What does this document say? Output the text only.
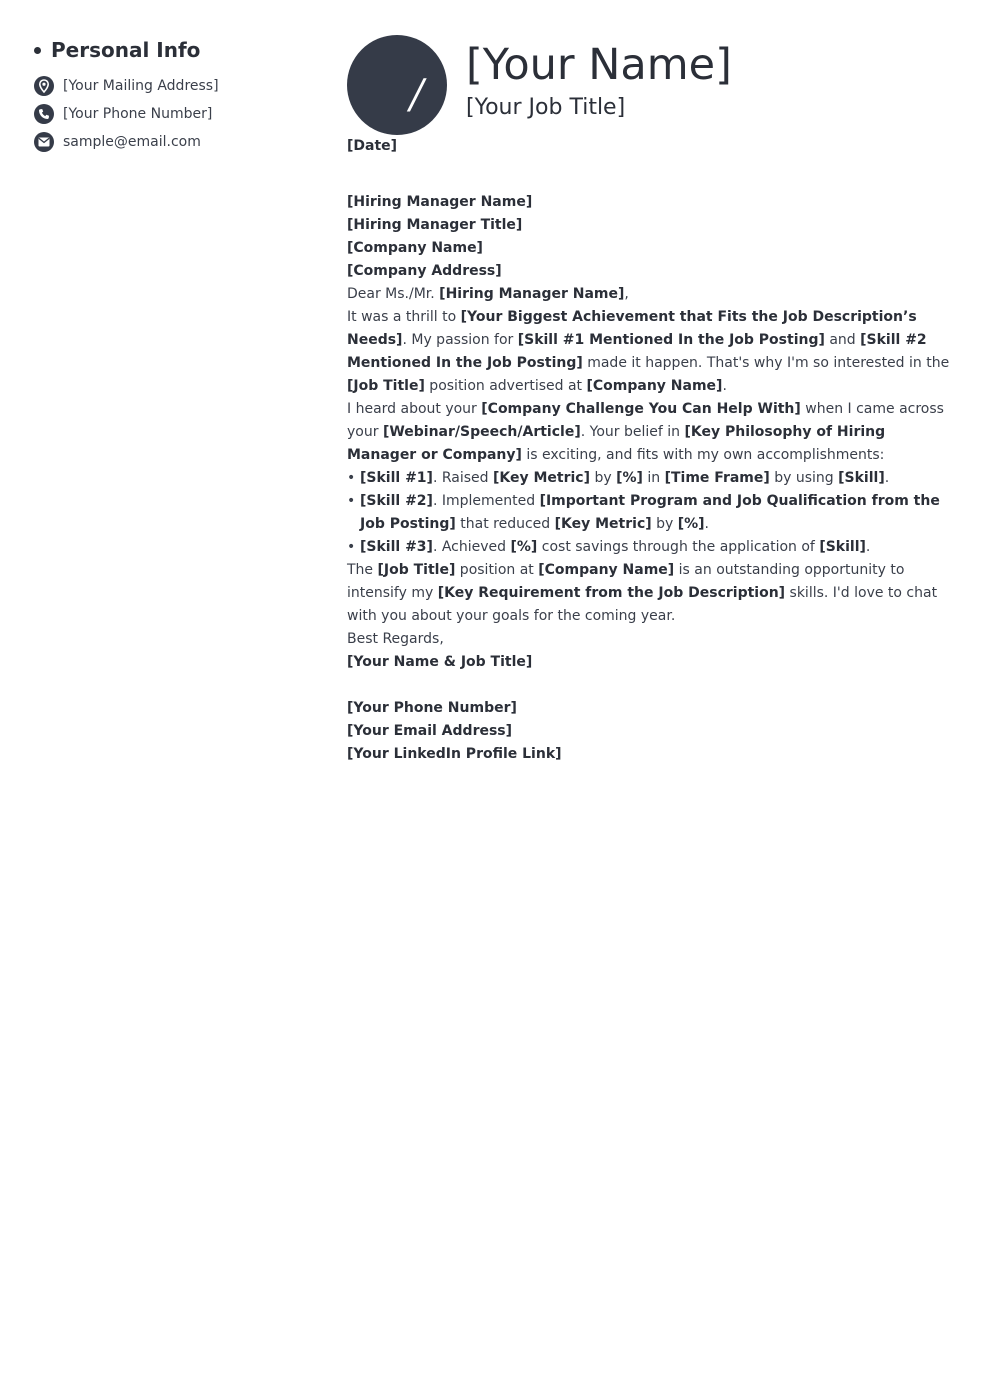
Personal Info
[Your Mailing Address]
[Your Phone Number]
sample@email.com
/
[Your Name]
[Your Job Title]

[Date]

[Hiring Manager Name]
[Hiring Manager Title]
[Company Name]
[Company Address]

Dear Ms./Mr. [Hiring Manager Name],

It was a thrill to [Your Biggest Achievement that Fits the Job Description’s Needs]. My passion for [Skill #1 Mentioned In the Job Posting] and [Skill #2 Mentioned In the Job Posting] made it happen. That's why I'm so interested in the [Job Title] position advertised at [Company Name].

I heard about your [Company Challenge You Can Help With] when I came across your [Webinar/Speech/Article]. Your belief in [Key Philosophy of Hiring Manager or Company] is exciting, and fits with my own accomplishments:

• [Skill #1]. Raised [Key Metric] by [%] in [Time Frame] by using [Skill].
• [Skill #2]. Implemented [Important Program and Job Qualification from the Job Posting] that reduced [Key Metric] by [%].
• [Skill #3]. Achieved [%] cost savings through the application of [Skill].

The [Job Title] position at [Company Name] is an outstanding opportunity to intensify my [Key Requirement from the Job Description] skills. I'd love to chat with you about your goals for the coming year.

Best Regards,

[Your Name & Job Title]

[Your Phone Number]
[Your Email Address]
[Your LinkedIn Profile Link]
